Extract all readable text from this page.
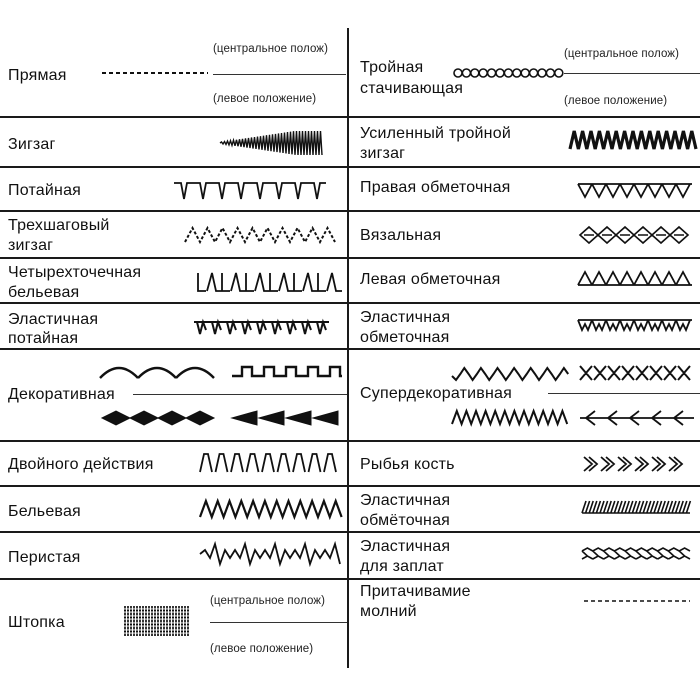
Прямая
(центральное полож)
(левое положение)
Зигзаг
Потайная
Трехшаговый
зигзаг
Четырехточечная
бельевая
Эластичная
потайная
Декоративная
Двойного действия
Бельевая
Перистая
Штопка
(центральное полож)
(левое положение)
Тройная
стачивающая
(центральное полож)
(левое положение)
Усиленный тройной
зигзаг
Правая обметочная
Вязальная
Левая обметочная
Эластичная
обметочная
Супердекоративная
Рыбья кость
Эластичная
обмёточная
Эластичная
для заплат
Притачивамие
молний
